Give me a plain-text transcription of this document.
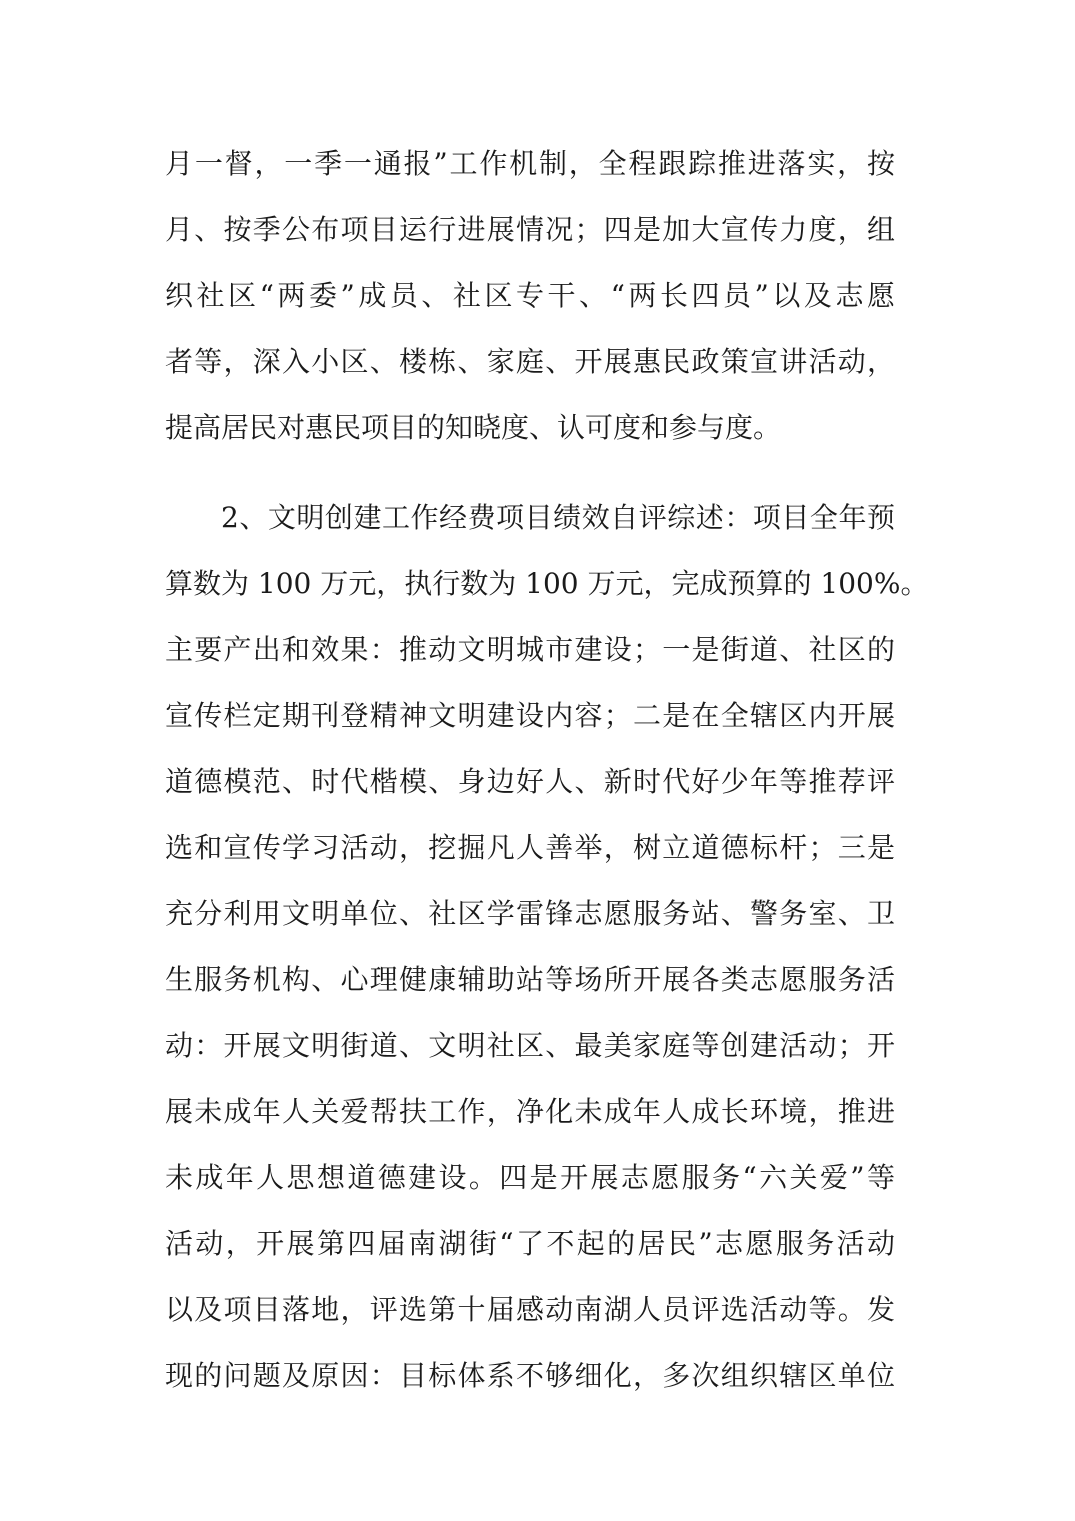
月一督，一季一通报”工作机制，全程跟踪推进落实，按
月、按季公布项目运行进展情况；四是加大宣传力度，组
织社区“两委”成员、社区专干、“两长四员”以及志愿
者等，深入小区、楼栋、家庭、开展惠民政策宣讲活动，
提高居民对惠民项目的知晓度、认可度和参与度。
2、文明创建工作经费项目绩效自评综述：项目全年预
算数为 100 万元，执行数为 100 万元，完成预算的 100%。
主要产出和效果：推动文明城市建设；一是街道、社区的
宣传栏定期刊登精神文明建设内容；二是在全辖区内开展
道德模范、时代楷模、身边好人、新时代好少年等推荐评
选和宣传学习活动，挖掘凡人善举，树立道德标杆；三是
充分利用文明单位、社区学雷锋志愿服务站、警务室、卫
生服务机构、心理健康辅助站等场所开展各类志愿服务活
动：开展文明街道、文明社区、最美家庭等创建活动；开
展未成年人关爱帮扶工作，净化未成年人成长环境，推进
未成年人思想道德建设。四是开展志愿服务“六关爱”等
活动，开展第四届南湖街“了不起的居民”志愿服务活动
以及项目落地，评选第十届感动南湖人员评选活动等。发
现的问题及原因：目标体系不够细化，多次组织辖区单位
